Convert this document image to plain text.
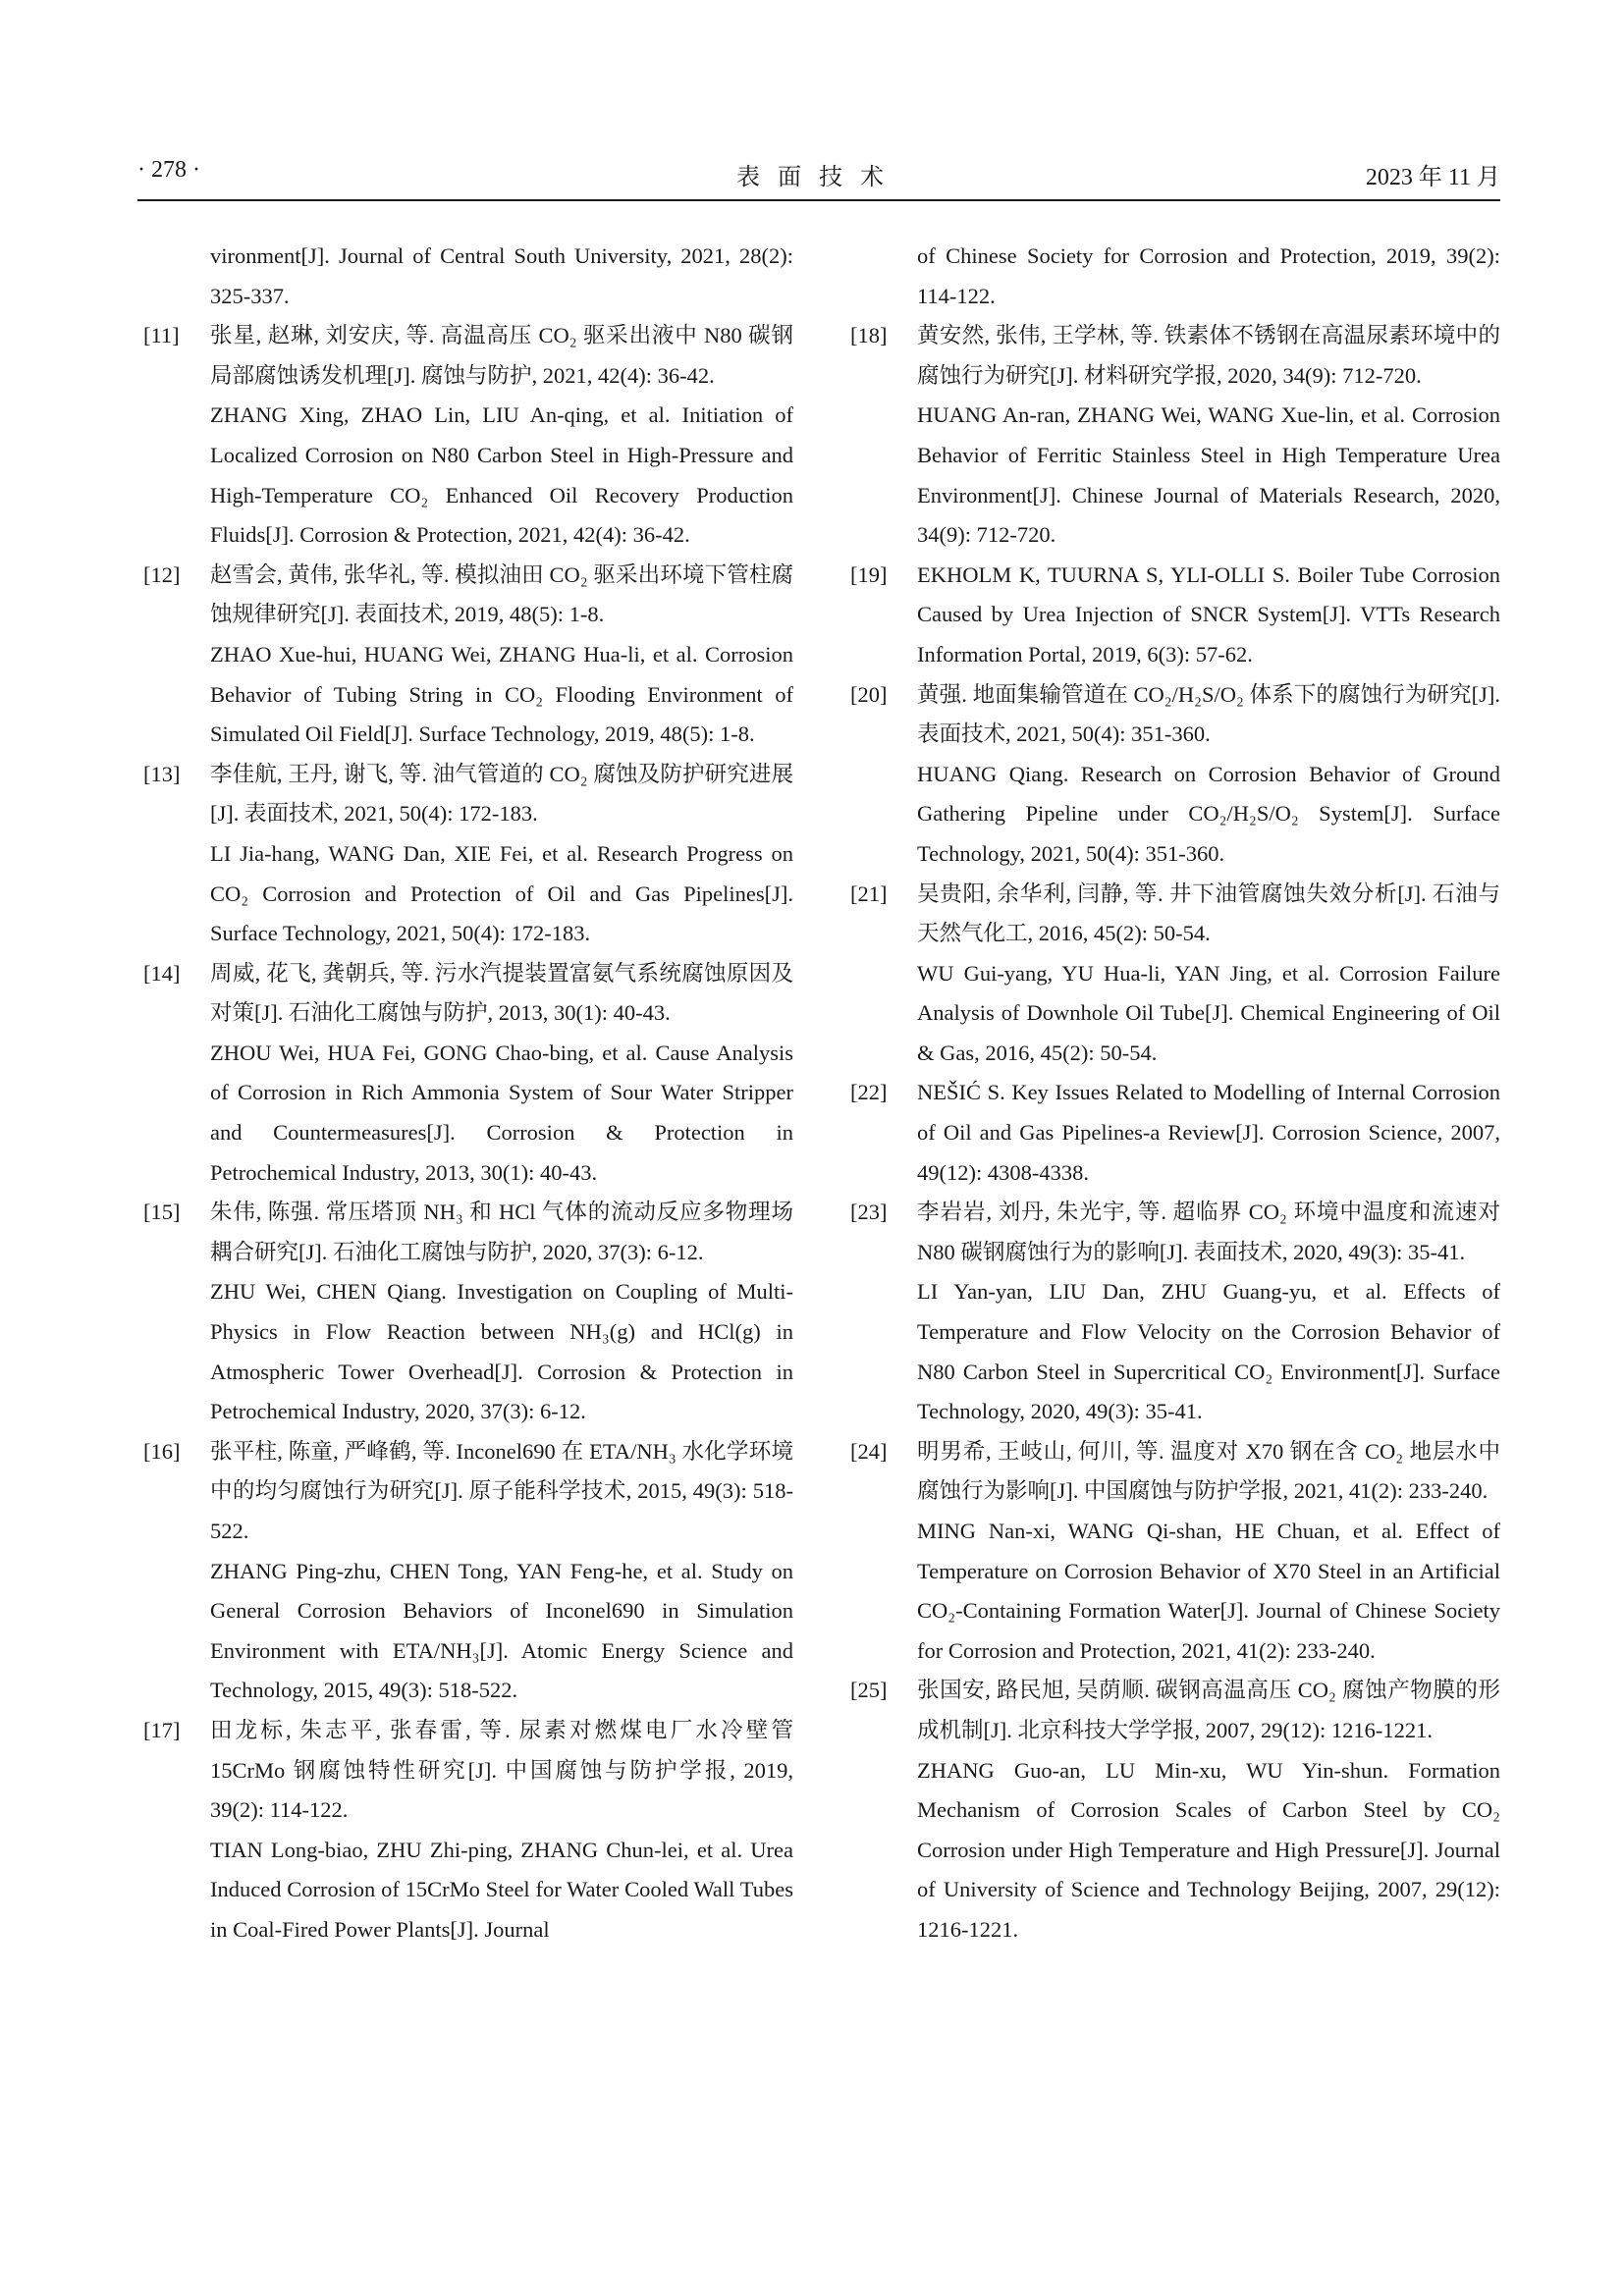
· 278 ·	表面技术	2023 年 11 月
vironment[J]. Journal of Central South University, 2021, 28(2): 325-337.
[11]	张星, 赵琳, 刘安庆, 等. 高温高压 CO₂ 驱采出液中 N80 碳钢局部腐蚀诱发机理[J]. 腐蚀与防护, 2021, 42(4): 36-42.
ZHANG Xing, ZHAO Lin, LIU An-qing, et al. Initiation of Localized Corrosion on N80 Carbon Steel in High-Pressure and High-Temperature CO₂ Enhanced Oil Recovery Production Fluids[J]. Corrosion & Protection, 2021, 42(4): 36-42.
[12]	赵雪会, 黄伟, 张华礼, 等. 模拟油田 CO₂ 驱采出环境下管柱腐蚀规律研究[J]. 表面技术, 2019, 48(5): 1-8.
ZHAO Xue-hui, HUANG Wei, ZHANG Hua-li, et al. Corrosion Behavior of Tubing String in CO₂ Flooding Environment of Simulated Oil Field[J]. Surface Technology, 2019, 48(5): 1-8.
[13]	李佳航, 王丹, 谢飞, 等. 油气管道的 CO₂ 腐蚀及防护研究进展[J]. 表面技术, 2021, 50(4): 172-183.
LI Jia-hang, WANG Dan, XIE Fei, et al. Research Progress on CO₂ Corrosion and Protection of Oil and Gas Pipelines[J]. Surface Technology, 2021, 50(4): 172-183.
[14]	周威, 花飞, 龚朝兵, 等. 污水汽提装置富氨气系统腐蚀原因及对策[J]. 石油化工腐蚀与防护, 2013, 30(1): 40-43.
ZHOU Wei, HUA Fei, GONG Chao-bing, et al. Cause Analysis of Corrosion in Rich Ammonia System of Sour Water Stripper and Countermeasures[J]. Corrosion & Protection in Petrochemical Industry, 2013, 30(1): 40-43.
[15]	朱伟, 陈强. 常压塔顶 NH₃ 和 HCl 气体的流动反应多物理场耦合研究[J]. 石油化工腐蚀与防护, 2020, 37(3): 6-12.
ZHU Wei, CHEN Qiang. Investigation on Coupling of Multi-Physics in Flow Reaction between NH₃(g) and HCl(g) in Atmospheric Tower Overhead[J]. Corrosion & Protection in Petrochemical Industry, 2020, 37(3): 6-12.
[16]	张平柱, 陈童, 严峰鹤, 等. Inconel690 在 ETA/NH₃ 水化学环境中的均匀腐蚀行为研究[J]. 原子能科学技术, 2015, 49(3): 518-522.
ZHANG Ping-zhu, CHEN Tong, YAN Feng-he, et al. Study on General Corrosion Behaviors of Inconel690 in Simulation Environment with ETA/NH₃[J]. Atomic Energy Science and Technology, 2015, 49(3): 518-522.
[17]	田龙标, 朱志平, 张春雷, 等. 尿素对燃煤电厂水冷壁管 15CrMo 钢腐蚀特性研究[J]. 中国腐蚀与防护学报, 2019, 39(2): 114-122.
TIAN Long-biao, ZHU Zhi-ping, ZHANG Chun-lei, et al. Urea Induced Corrosion of 15CrMo Steel for Water Cooled Wall Tubes in Coal-Fired Power Plants[J]. Journal
of Chinese Society for Corrosion and Protection, 2019, 39(2): 114-122.
[18]	黄安然, 张伟, 王学林, 等. 铁素体不锈钢在高温尿素环境中的腐蚀行为研究[J]. 材料研究学报, 2020, 34(9): 712-720.
HUANG An-ran, ZHANG Wei, WANG Xue-lin, et al. Corrosion Behavior of Ferritic Stainless Steel in High Temperature Urea Environment[J]. Chinese Journal of Materials Research, 2020, 34(9): 712-720.
[19]	EKHOLM K, TUURNA S, YLI-OLLI S. Boiler Tube Corrosion Caused by Urea Injection of SNCR System[J]. VTTs Research Information Portal, 2019, 6(3): 57-62.
[20]	黄强. 地面集输管道在 CO₂/H₂S/O₂ 体系下的腐蚀行为研究[J]. 表面技术, 2021, 50(4): 351-360.
HUANG Qiang. Research on Corrosion Behavior of Ground Gathering Pipeline under CO₂/H₂S/O₂ System[J]. Surface Technology, 2021, 50(4): 351-360.
[21]	吴贵阳, 余华利, 闫静, 等. 井下油管腐蚀失效分析[J]. 石油与天然气化工, 2016, 45(2): 50-54.
WU Gui-yang, YU Hua-li, YAN Jing, et al. Corrosion Failure Analysis of Downhole Oil Tube[J]. Chemical Engineering of Oil & Gas, 2016, 45(2): 50-54.
[22]	NEŠIĆ S. Key Issues Related to Modelling of Internal Corrosion of Oil and Gas Pipelines-a Review[J]. Corrosion Science, 2007, 49(12): 4308-4338.
[23]	李岩岩, 刘丹, 朱光宇, 等. 超临界 CO₂ 环境中温度和流速对 N80 碳钢腐蚀行为的影响[J]. 表面技术, 2020, 49(3): 35-41.
LI Yan-yan, LIU Dan, ZHU Guang-yu, et al. Effects of Temperature and Flow Velocity on the Corrosion Behavior of N80 Carbon Steel in Supercritical CO₂ Environment[J]. Surface Technology, 2020, 49(3): 35-41.
[24]	明男希, 王岐山, 何川, 等. 温度对 X70 钢在含 CO₂ 地层水中腐蚀行为影响[J]. 中国腐蚀与防护学报, 2021, 41(2): 233-240.
MING Nan-xi, WANG Qi-shan, HE Chuan, et al. Effect of Temperature on Corrosion Behavior of X70 Steel in an Artificial CO₂-Containing Formation Water[J]. Journal of Chinese Society for Corrosion and Protection, 2021, 41(2): 233-240.
[25]	张国安, 路民旭, 吴荫顺. 碳钢高温高压 CO₂ 腐蚀产物膜的形成机制[J]. 北京科技大学学报, 2007, 29(12): 1216-1221.
ZHANG Guo-an, LU Min-xu, WU Yin-shun. Formation Mechanism of Corrosion Scales of Carbon Steel by CO₂ Corrosion under High Temperature and High Pressure[J]. Journal of University of Science and Technology Beijing, 2007, 29(12): 1216-1221.
